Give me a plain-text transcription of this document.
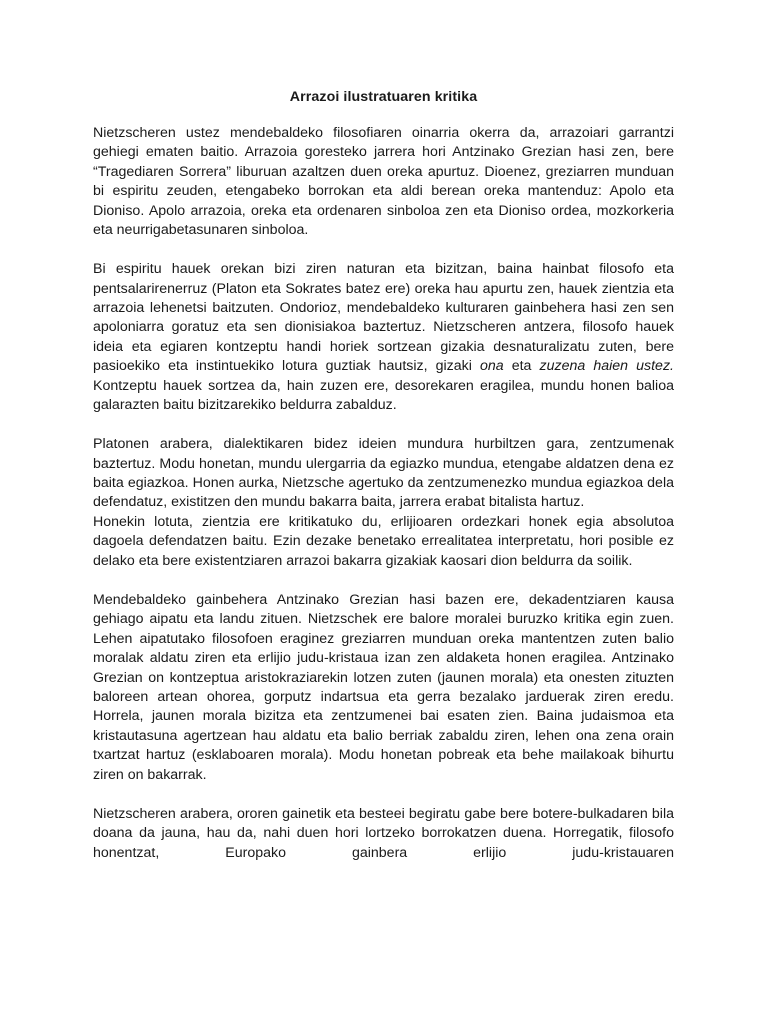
Arrazoi ilustratuaren kritika

Nietzscheren ustez mendebaldeko filosofiaren oinarria okerra da, arrazoiari garrantzi gehiegi ematen baitio. Arrazoia goresteko jarrera hori Antzinako Grezian hasi zen, bere “Tragediaren Sorrera” liburuan azaltzen duen oreka apurtuz. Dioenez, greziarren munduan bi espiritu zeuden, etengabeko borrokan eta aldi berean oreka mantenduz: Apolo eta Dioniso. Apolo arrazoia, oreka eta ordenaren sinboloa zen eta Dioniso ordea, mozkorkeria eta neurrigabetasunaren sinboloa.

Bi espiritu hauek orekan bizi ziren naturan eta bizitzan, baina hainbat filosofo eta pentsalarirenerruz (Platon eta Sokrates batez ere) oreka hau apurtu zen, hauek zientzia eta arrazoia lehenetsi baitzuten. Ondorioz, mendebaldeko kulturaren gainbehera hasi zen sen apoloniarra goratuz eta sen dionisiakoa baztertuz. Nietzscheren antzera, filosofo hauek ideia eta egiaren kontzeptu handi horiek sortzean gizakia desnaturalizatu zuten, bere pasioekiko eta instintuekiko lotura guztiak hautsiz, gizaki ona eta zuzena haien ustez. Kontzeptu hauek sortzea da, hain zuzen ere, desorekaren eragilea, mundu honen balioa galarazten baitu bizitzarekiko beldurra zabalduz.

Platonen arabera, dialektikaren bidez ideien mundura hurbiltzen gara, zentzumenak baztertuz. Modu honetan, mundu ulergarria da egiazko mundua, etengabe aldatzen dena ez baita egiazkoa. Honen aurka, Nietzsche agertuko da zentzumenezko mundua egiazkoa dela defendatuz, existitzen den mundu bakarra baita, jarrera erabat bitalista hartuz.

Honekin lotuta, zientzia ere kritikatuko du, erlijioaren ordezkari honek egia absolutoa dagoela defendatzen baitu. Ezin dezake benetako errealitatea interpretatu, hori posible ez delako eta bere existentziaren arrazoi bakarra gizakiak kaosari dion beldurra da soilik.

Mendebaldeko gainbehera Antzinako Grezian hasi bazen ere, dekadentziaren kausa gehiago aipatu eta landu zituen. Nietzschek ere balore moralei buruzko kritika egin zuen. Lehen aipatutako filosofoen eraginez greziarren munduan oreka mantentzen zuten balio moralak aldatu ziren eta erlijio judu-kristaua izan zen aldaketa honen eragilea. Antzinako Grezian on kontzeptua aristokraziarekin lotzen zuten (jaunen morala) eta onesten zituzten baloreen artean ohorea, gorputz indartsua eta gerra bezalako jarduerak ziren eredu. Horrela, jaunen morala bizitza eta zentzumenei bai esaten zien. Baina judaismoa eta kristautasuna agertzean hau aldatu eta balio berriak zabaldu ziren, lehen ona zena orain txartzat hartuz (esklaboaren morala). Modu honetan pobreak eta behe mailakoak bihurtu ziren on bakarrak.

Nietzscheren arabera, ororen gainetik eta besteei begiratu gabe bere botere-bulkadaren bila doana da jauna, hau da, nahi duen hori lortzeko borrokatzen duena. Horregatik, filosofo honentzat, Europako gainbera erlijio judu-kristauaren
